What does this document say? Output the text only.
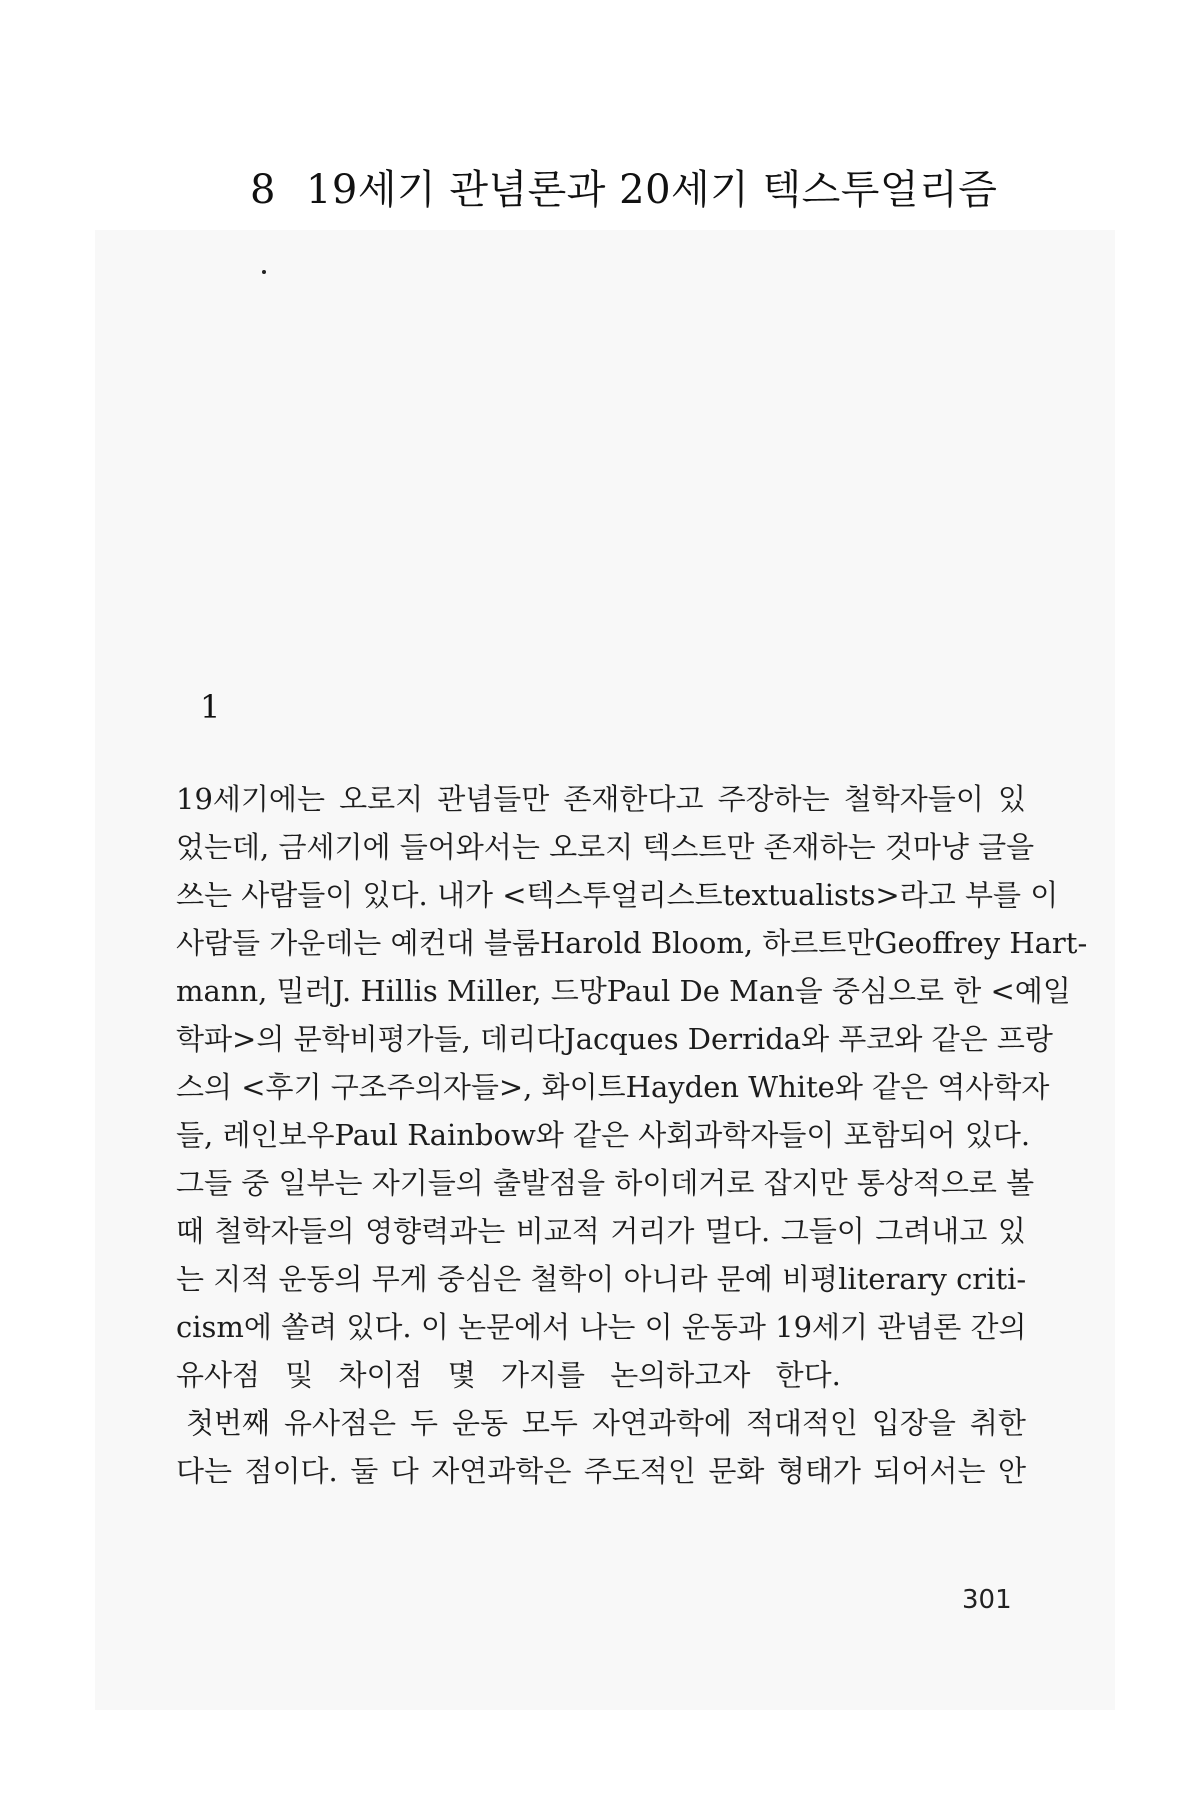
8 19세기 관념론과 20세기 텍스투얼리즘
1
19세기에는 오로지 관념들만 존재한다고 주장하는 철학자들이 있
었는데, 금세기에 들어와서는 오로지 텍스트만 존재하는 것마냥 글을
쓰는 사람들이 있다. 내가 <텍스투얼리스트textualists>라고 부를 이
사람들 가운데는 예컨대 블룸Harold Bloom, 하르트만Geoffrey Hart-
mann, 밀러J. Hillis Miller, 드망Paul De Man을 중심으로 한 <예일
학파>의 문학비평가들, 데리다Jacques Derrida와 푸코와 같은 프랑
스의 <후기 구조주의자들>, 화이트Hayden White와 같은 역사학자
들, 레인보우Paul Rainbow와 같은 사회과학자들이 포함되어 있다.
그들 중 일부는 자기들의 출발점을 하이데거로 잡지만 통상적으로 볼
때 철학자들의 영향력과는 비교적 거리가 멀다. 그들이 그려내고 있
는 지적 운동의 무게 중심은 철학이 아니라 문예 비평literary criti-
cism에 쏠려 있다. 이 논문에서 나는 이 운동과 19세기 관념론 간의
유사점 및 차이점 몇 가지를 논의하고자 한다.
첫번째 유사점은 두 운동 모두 자연과학에 적대적인 입장을 취한
다는 점이다. 둘 다 자연과학은 주도적인 문화 형태가 되어서는 안
301
